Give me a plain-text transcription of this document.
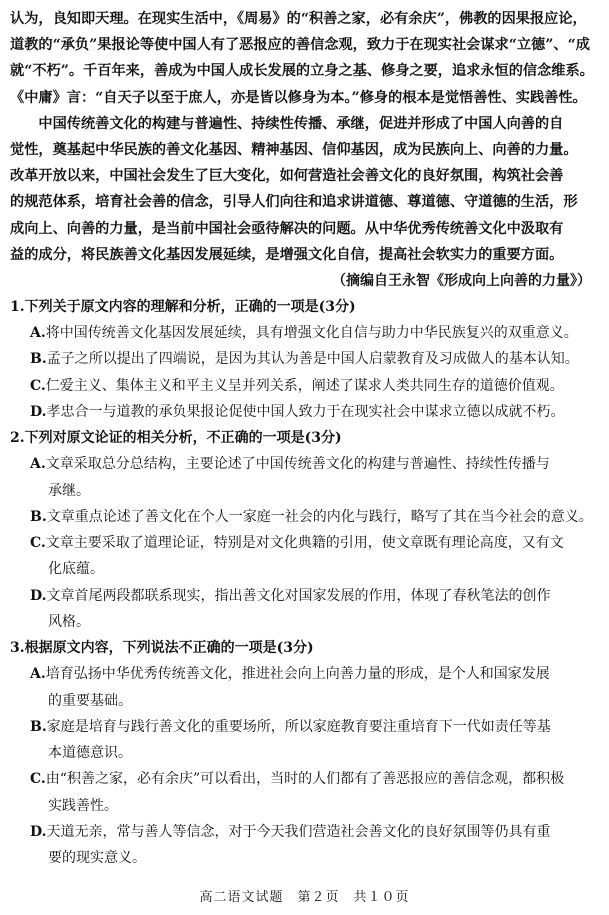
认为，良知即天理。在现实生活中，《周易》的“积善之家，必有余庆”，佛教的因果报应论，

道教的“承负”果报论等使中国人有了恶报应的善信念观，致力于在现实社会谋求“立德”、“成

就“不朽”。千百年来，善成为中国人成长发展的立身之基、修身之要，追求永恒的信念维系。

《中庸》言：“自天子以至于庶人，亦是皆以修身为本。”修身的根本是觉悟善性、实践善性。

中国传统善文化的构建与普遍性、持续性传播、承继，促进并形成了中国人向善的自

觉性，奠基起中华民族的善文化基因、精神基因、信仰基因，成为民族向上、向善的力量。

改革开放以来，中国社会发生了巨大变化，如何营造社会善文化的良好氛围，构筑社会善

的规范体系，培育社会善的信念，引导人们向往和追求讲道德、尊道德、守道德的生活，形

成向上、向善的力量，是当前中国社会亟待解决的问题。从中华优秀传统善文化中汲取有

益的成分，将民族善文化基因发展延续，是增强文化自信，提高社会软实力的重要方面。

（摘编自王永智《形成向上向善的力量》）

1.下列关于原文内容的理解和分析，正确的一项是(3分)

A.将中国传统善文化基因发展延续，具有增强文化自信与助力中华民族复兴的双重意义。

B.孟子之所以提出了四端说，是因为其认为善是中国人启蒙教育及习成做人的基本认知。

C.仁爱主义、集体主义和平主义呈并列关系，阐述了谋求人类共同生存的道德价值观。

D.孝忠合一与道教的承负果报论促使中国人致力于在现实社会中谋求立德以成就不朽。

2.下列对原文论证的相关分析，不正确的一项是(3分)

A.文章采取总分总结构，主要论述了中国传统善文化的构建与普遍性、持续性传播与
承继。

B.文章重点论述了善文化在个人一家庭一社会的内化与践行，略写了其在当今社会的意义。

C.文章主要采取了道理论证，特别是对文化典籍的引用，使文章既有理论高度，又有文
化底蕴。

D.文章首尾两段都联系现实，指出善文化对国家发展的作用，体现了春秋笔法的创作
风格。

3.根据原文内容，下列说法不正确的一项是(3分)

A.培育弘扬中华优秀传统善文化，推进社会向上向善力量的形成，是个人和国家发展
的重要基础。

B.家庭是培育与践行善文化的重要场所，所以家庭教育要注重培育下一代如责任等基
本道德意识。

C.由“积善之家，必有余庆”可以看出，当时的人们都有了善恶报应的善信念观，都积极
实践善性。

D.天道无亲，常与善人等信念，对于今天我们营造社会善文化的良好氛围等仍具有重
要的现实意义。

高二语文试题　第２页　共１０页
